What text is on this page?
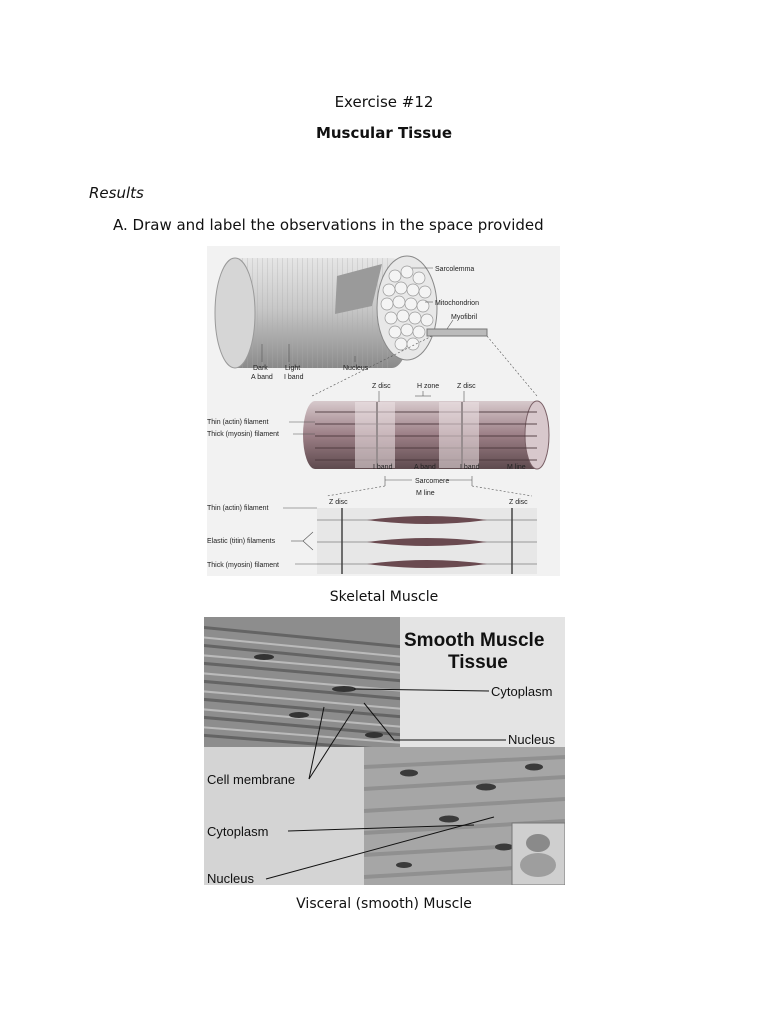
Exercise #12
Muscular Tissue
Results
A. Draw and label the observations in the space provided
Sarcolemma
Mitochondrion
Myofibril
Dark
A band
Light
I band
Nucleus
Z disc	H zone	Z disc
Thin (actin) filament
Thick (myosin) filament
I band	A band	I band	M line
Sarcomere
M line
Z disc	Z disc
Thin (actin) filament
Elastic (titin) filaments
Thick (myosin) filament
Skeletal Muscle
Smooth Muscle
Tissue
Cytoplasm
Nucleus
Cell membrane
Cytoplasm
Nucleus
Visceral (smooth) Muscle
